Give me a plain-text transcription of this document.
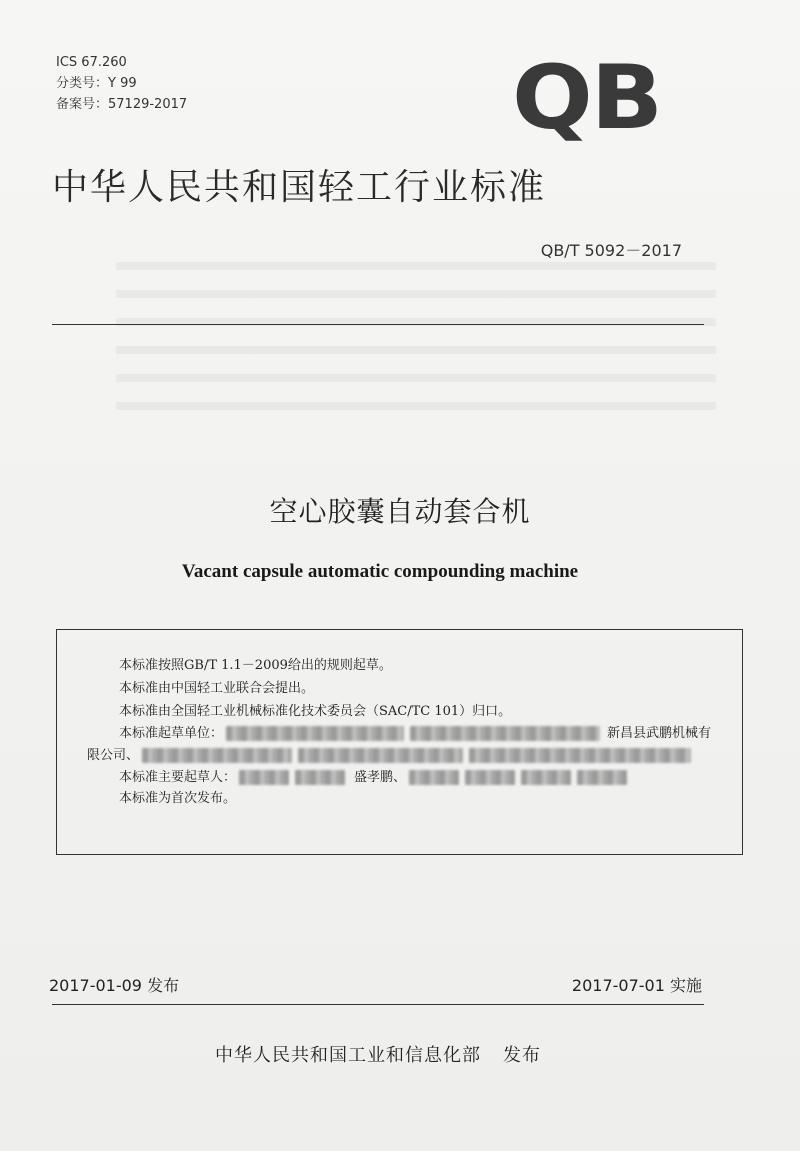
ICS 67.260
分类号：Y 99
备案号：57129-2017	QB
中华人民共和国轻工行业标准
QB/T 5092－2017
空心胶囊自动套合机
Vacant capsule automatic compounding machine
本标准按照GB/T 1.1－2009给出的规则起草。
本标准由中国轻工业联合会提出。
本标准由全国轻工业机械标准化技术委员会（SAC/TC 101）归口。
本标准起草单位：	新昌县武鹏机械有
限公司、
本标准主要起草人：	盛孝鹏、
本标准为首次发布。
2017-01-09 发布	2017-07-01 实施
中华人民共和国工业和信息化部 发布
